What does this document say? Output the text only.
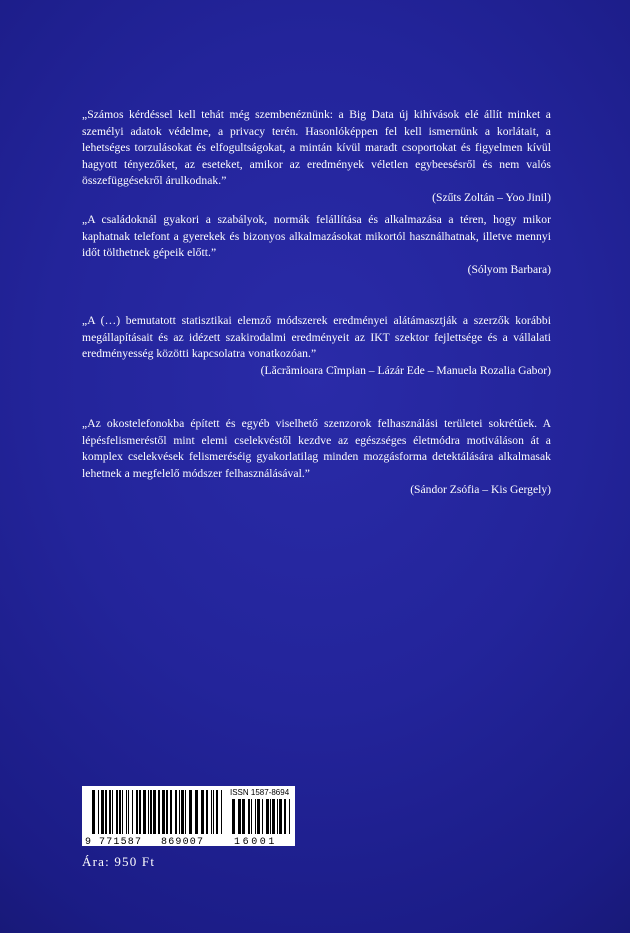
„Számos kérdéssel kell tehát még szembenéznünk: a Big Data új kihívások elé állít minket a személyi adatok védelme, a privacy terén. Hasonlóképpen fel kell ismernünk a korlátait, a lehetséges torzulásokat és elfogultságokat, a mintán kívül maradt csoportokat és figyelmen kívül hagyott tényezőket, az eseteket, amikor az eredmények véletlen egybeesésről és nem valós összefüggésekről árulkodnak.”

(Szűts Zoltán – Yoo Jinil)

„A családoknál gyakori a szabályok, normák felállítása és alkalmazása a téren, hogy mikor kaphatnak telefont a gyerekek és bizonyos alkalmazásokat mikortól használhatnak, illetve mennyi időt tölthetnek gépeik előtt.”

(Sólyom Barbara)

„A (…) bemutatott statisztikai elemző módszerek eredményei alátámasztják a szerzők korábbi megállapításait és az idézett szakirodalmi eredményeit az IKT szektor fejlettsége és a vállalati eredményesség közötti kapcsolatra vonatkozóan.”

(Lăcrămioara Cîmpian – Lázár Ede – Manuela Rozalia Gabor)

„Az okostelefonokba épített és egyéb viselhető szenzorok felhasználási területei sokrétűek. A lépésfelismeréstől mint elemi cselekvéstől kezdve az egészséges életmódra motiváláson át a komplex cselekvések felismeréséig gyakorlatilag minden mozgásforma detektálására alkalmasak lehetnek a megfelelő módszer felhasználásával.”

(Sándor Zsófia – Kis Gergely)

ISSN 1587-8694
9 771587 869007	16001
Ára: 950 Ft
